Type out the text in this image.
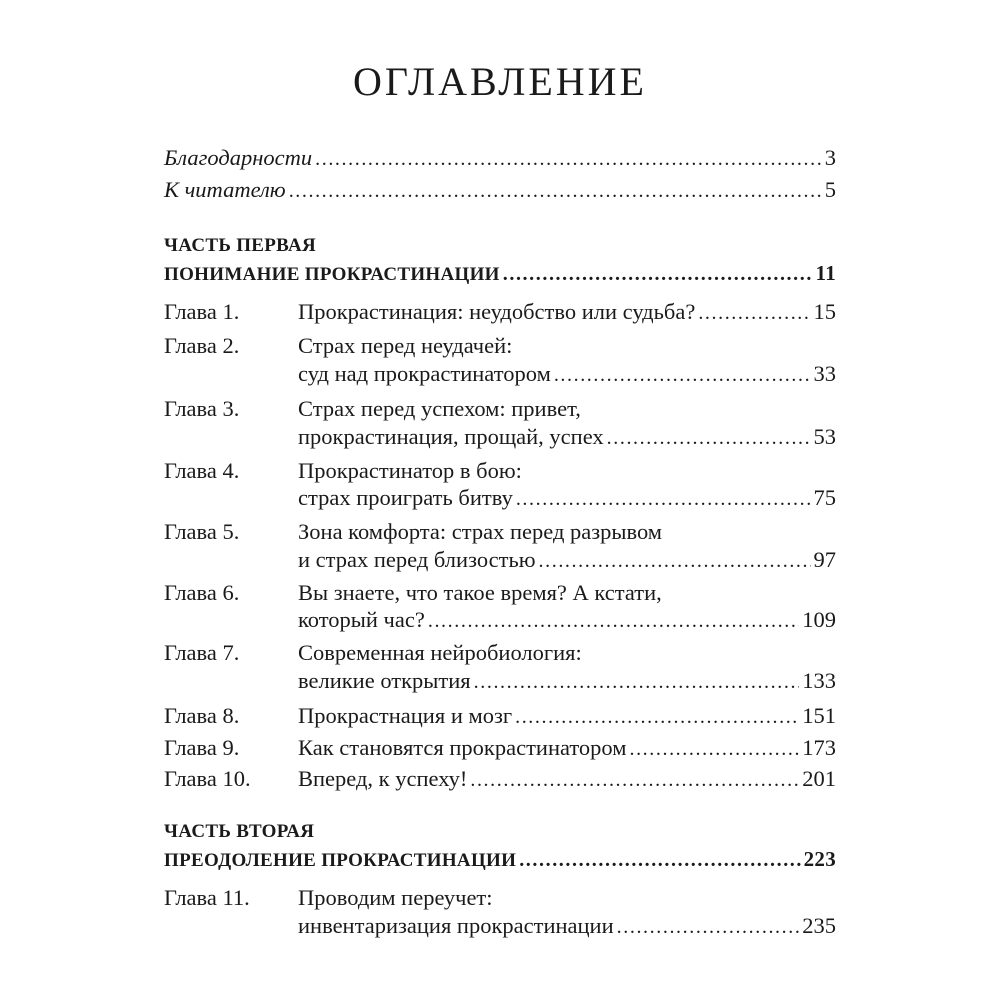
ОГЛАВЛЕНИЕ
Благодарности .....	3
К читателю .....	5
ЧАСТЬ ПЕРВАЯ
ПОНИМАНИЕ ПРОКРАСТИНАЦИИ .....	11
Глава 1.	Прокрастинация: неудобство или судьба? .....	15
Глава 2.	Страх перед неудачей:
суд над прокрастинатором .....	33
Глава 3.	Страх перед успехом: привет,
прокрастинация, прощай, успех .....	53
Глава 4.	Прокрастинатор в бою:
страх проиграть битву .....	75
Глава 5.	Зона комфорта: страх перед разрывом
и страх перед близостью .....	97
Глава 6.	Вы знаете, что такое время? А кстати,
который час? .....	109
Глава 7.	Современная нейробиология:
великие открытия .....	133
Глава 8.	Прокрастнация и мозг .....	151
Глава 9.	Как становятся прокрастинатором .....	173
Глава 10. Вперед, к успеху! .....	201
ЧАСТЬ ВТОРАЯ
ПРЕОДОЛЕНИЕ ПРОКРАСТИНАЦИИ .....	223
Глава 11. Проводим переучет:
инвентаризация прокрастинации .....	235
